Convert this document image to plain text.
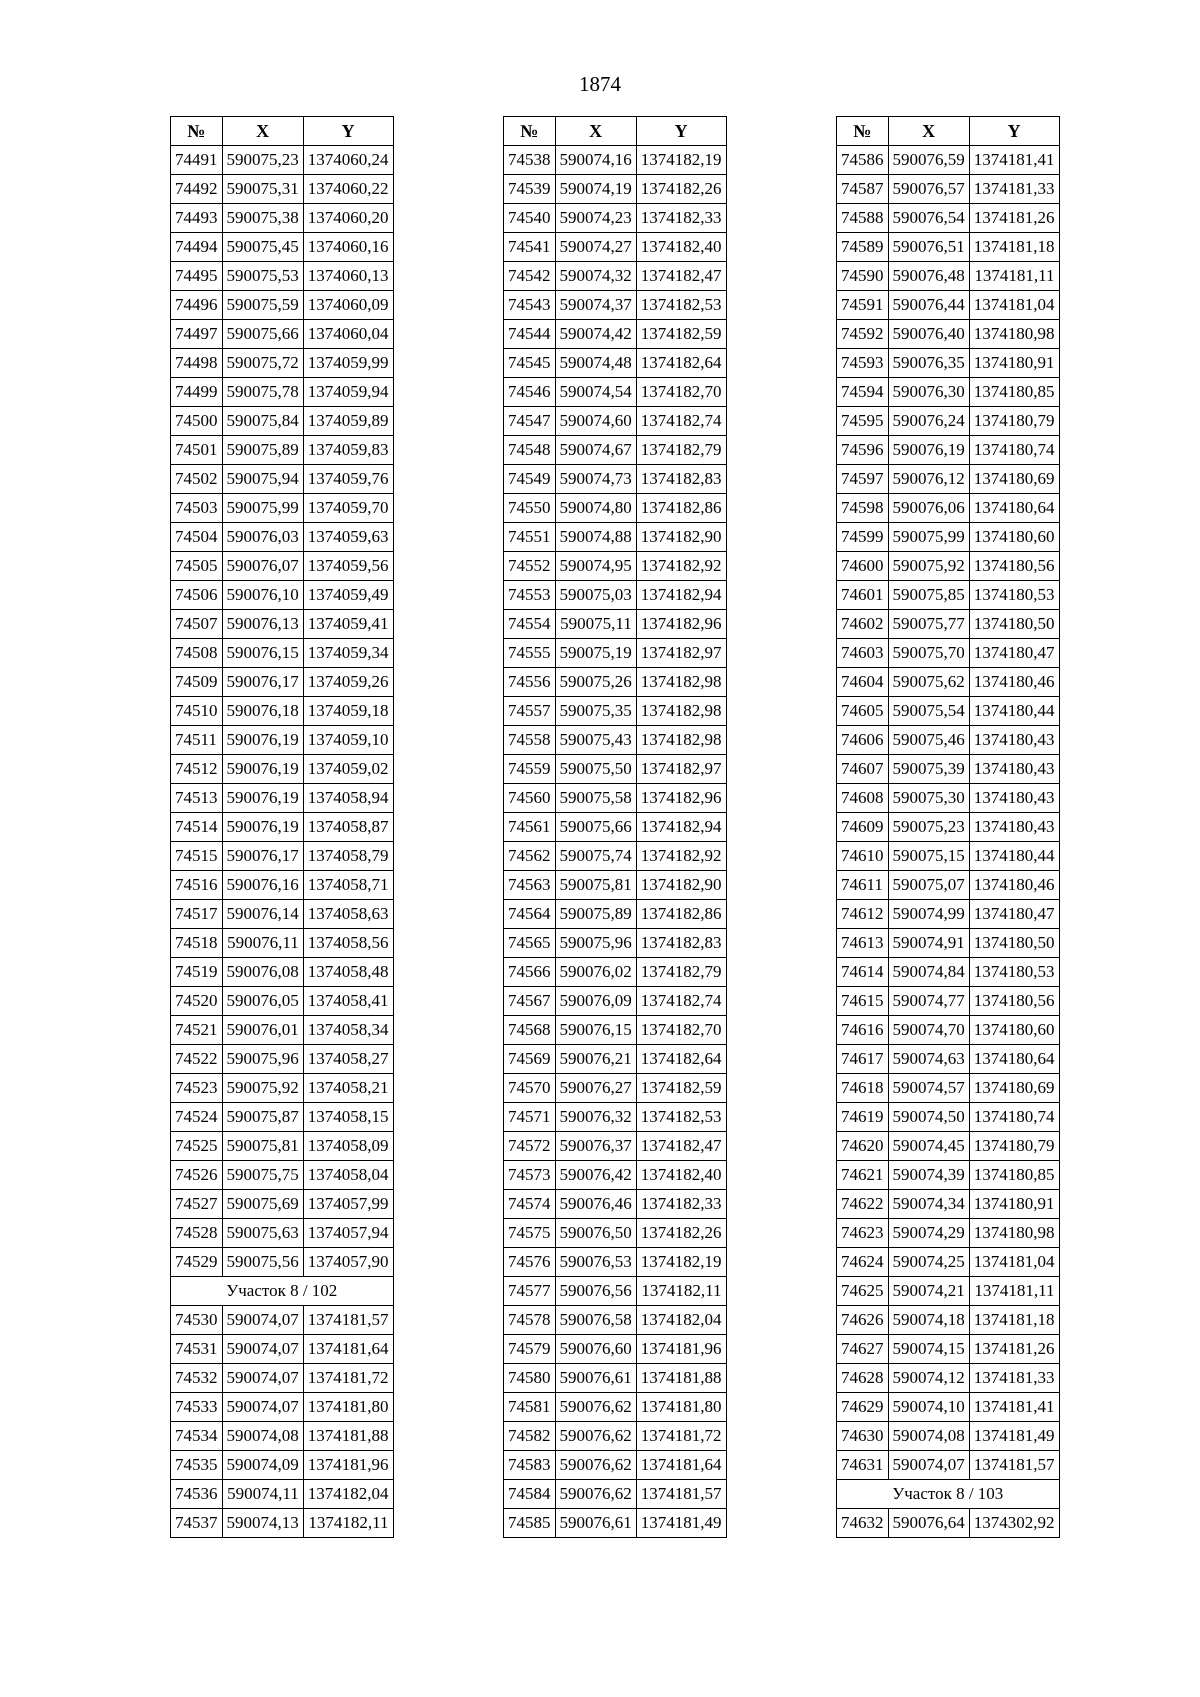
1874
№	X	Y
74491	590075,23	1374060,24
74492	590075,31	1374060,22
74493	590075,38	1374060,20
74494	590075,45	1374060,16
74495	590075,53	1374060,13
74496	590075,59	1374060,09
74497	590075,66	1374060,04
74498	590075,72	1374059,99
74499	590075,78	1374059,94
74500	590075,84	1374059,89
74501	590075,89	1374059,83
74502	590075,94	1374059,76
74503	590075,99	1374059,70
74504	590076,03	1374059,63
74505	590076,07	1374059,56
74506	590076,10	1374059,49
74507	590076,13	1374059,41
74508	590076,15	1374059,34
74509	590076,17	1374059,26
74510	590076,18	1374059,18
74511	590076,19	1374059,10
74512	590076,19	1374059,02
74513	590076,19	1374058,94
74514	590076,19	1374058,87
74515	590076,17	1374058,79
74516	590076,16	1374058,71
74517	590076,14	1374058,63
74518	590076,11	1374058,56
74519	590076,08	1374058,48
74520	590076,05	1374058,41
74521	590076,01	1374058,34
74522	590075,96	1374058,27
74523	590075,92	1374058,21
74524	590075,87	1374058,15
74525	590075,81	1374058,09
74526	590075,75	1374058,04
74527	590075,69	1374057,99
74528	590075,63	1374057,94
74529	590075,56	1374057,90
Участок 8 / 102		
74530	590074,07	1374181,57
74531	590074,07	1374181,64
74532	590074,07	1374181,72
74533	590074,07	1374181,80
74534	590074,08	1374181,88
74535	590074,09	1374181,96
74536	590074,11	1374182,04
74537	590074,13	1374182,11
№	X	Y
74538	590074,16	1374182,19
74539	590074,19	1374182,26
74540	590074,23	1374182,33
74541	590074,27	1374182,40
74542	590074,32	1374182,47
74543	590074,37	1374182,53
74544	590074,42	1374182,59
74545	590074,48	1374182,64
74546	590074,54	1374182,70
74547	590074,60	1374182,74
74548	590074,67	1374182,79
74549	590074,73	1374182,83
74550	590074,80	1374182,86
74551	590074,88	1374182,90
74552	590074,95	1374182,92
74553	590075,03	1374182,94
74554	590075,11	1374182,96
74555	590075,19	1374182,97
74556	590075,26	1374182,98
74557	590075,35	1374182,98
74558	590075,43	1374182,98
74559	590075,50	1374182,97
74560	590075,58	1374182,96
74561	590075,66	1374182,94
74562	590075,74	1374182,92
74563	590075,81	1374182,90
74564	590075,89	1374182,86
74565	590075,96	1374182,83
74566	590076,02	1374182,79
74567	590076,09	1374182,74
74568	590076,15	1374182,70
74569	590076,21	1374182,64
74570	590076,27	1374182,59
74571	590076,32	1374182,53
74572	590076,37	1374182,47
74573	590076,42	1374182,40
74574	590076,46	1374182,33
74575	590076,50	1374182,26
74576	590076,53	1374182,19
74577	590076,56	1374182,11
74578	590076,58	1374182,04
74579	590076,60	1374181,96
74580	590076,61	1374181,88
74581	590076,62	1374181,80
74582	590076,62	1374181,72
74583	590076,62	1374181,64
74584	590076,62	1374181,57
74585	590076,61	1374181,49
№	X	Y
74586	590076,59	1374181,41
74587	590076,57	1374181,33
74588	590076,54	1374181,26
74589	590076,51	1374181,18
74590	590076,48	1374181,11
74591	590076,44	1374181,04
74592	590076,40	1374180,98
74593	590076,35	1374180,91
74594	590076,30	1374180,85
74595	590076,24	1374180,79
74596	590076,19	1374180,74
74597	590076,12	1374180,69
74598	590076,06	1374180,64
74599	590075,99	1374180,60
74600	590075,92	1374180,56
74601	590075,85	1374180,53
74602	590075,77	1374180,50
74603	590075,70	1374180,47
74604	590075,62	1374180,46
74605	590075,54	1374180,44
74606	590075,46	1374180,43
74607	590075,39	1374180,43
74608	590075,30	1374180,43
74609	590075,23	1374180,43
74610	590075,15	1374180,44
74611	590075,07	1374180,46
74612	590074,99	1374180,47
74613	590074,91	1374180,50
74614	590074,84	1374180,53
74615	590074,77	1374180,56
74616	590074,70	1374180,60
74617	590074,63	1374180,64
74618	590074,57	1374180,69
74619	590074,50	1374180,74
74620	590074,45	1374180,79
74621	590074,39	1374180,85
74622	590074,34	1374180,91
74623	590074,29	1374180,98
74624	590074,25	1374181,04
74625	590074,21	1374181,11
74626	590074,18	1374181,18
74627	590074,15	1374181,26
74628	590074,12	1374181,33
74629	590074,10	1374181,41
74630	590074,08	1374181,49
74631	590074,07	1374181,57
Участок 8 / 103		
74632	590076,64	1374302,92
